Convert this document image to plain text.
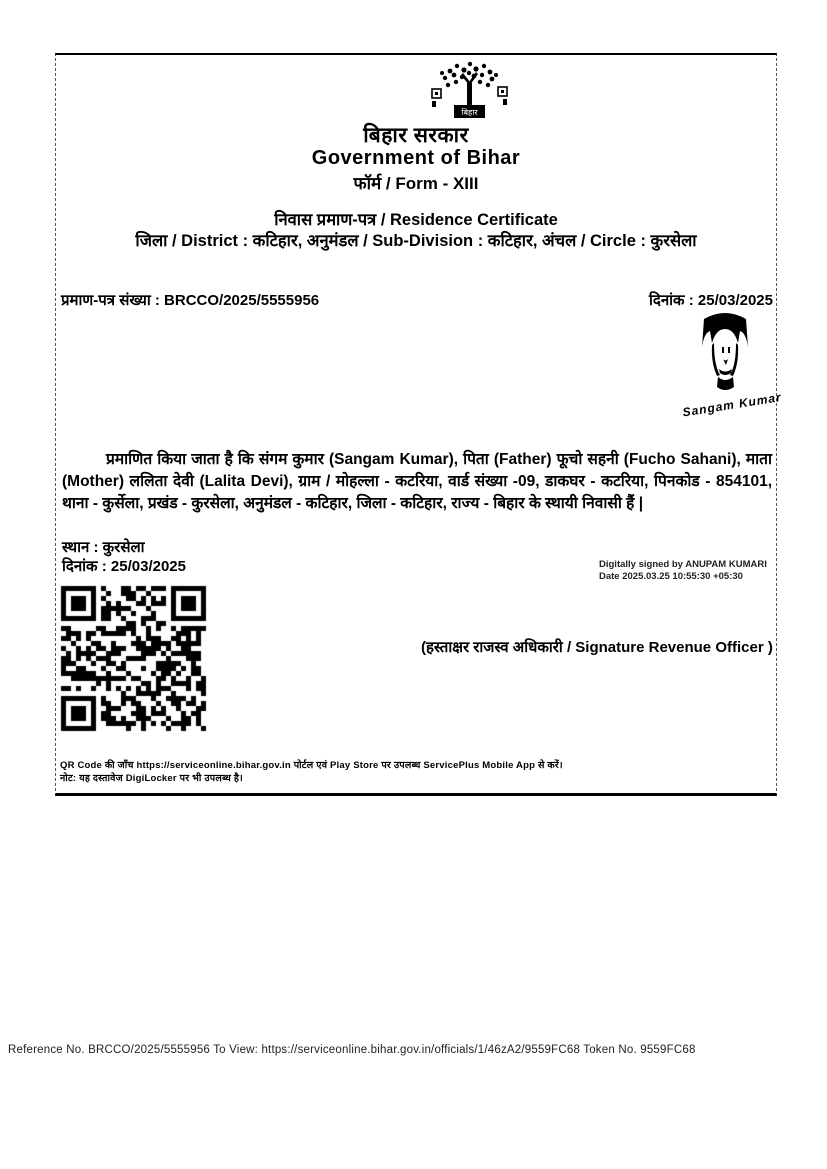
बिहार
बिहार सरकार
Government of Bihar
फॉर्म / Form - XIII
निवास प्रमाण-पत्र / Residence Certificate
जिला / District : कटिहार, अनुमंडल / Sub-Division : कटिहार, अंचल / Circle : कुरसेला
प्रमाण-पत्र संख्या : BRCCO/2025/5555956	दिनांक : 25/03/2025
Sangam Kumar
प्रमाणित किया जाता है कि संगम कुमार (Sangam Kumar), पिता (Father) फूचो सहनी (Fucho Sahani), माता (Mother) ललिता देवी (Lalita Devi), ग्राम / मोहल्ला - कटरिया, वार्ड संख्या -09, डाकघर - कटरिया, पिनकोड - 854101, थाना - कुर्सेला, प्रखंड - कुरसेला, अनुमंडल - कटिहार, जिला - कटिहार, राज्य - बिहार के स्थायी निवासी हैं |
स्थान : कुरसेला
दिनांक : 25/03/2025	Digitally signed by ANUPAM KUMARI
Date 2025.03.25 10:55:30 +05:30
(हस्ताक्षर राजस्व अधिकारी / Signature Revenue Officer )
QR Code की जाँच https://serviceonline.bihar.gov.in पोर्टल एवं Play Store पर उपलब्ध ServicePlus Mobile App से करें।
नोट: यह दस्तावेज DigiLocker पर भी उपलब्ध है।
Reference No. BRCCO/2025/5555956 To View: https://serviceonline.bihar.gov.in/officials/1/46zA2/9559FC68 Token No. 9559FC68
